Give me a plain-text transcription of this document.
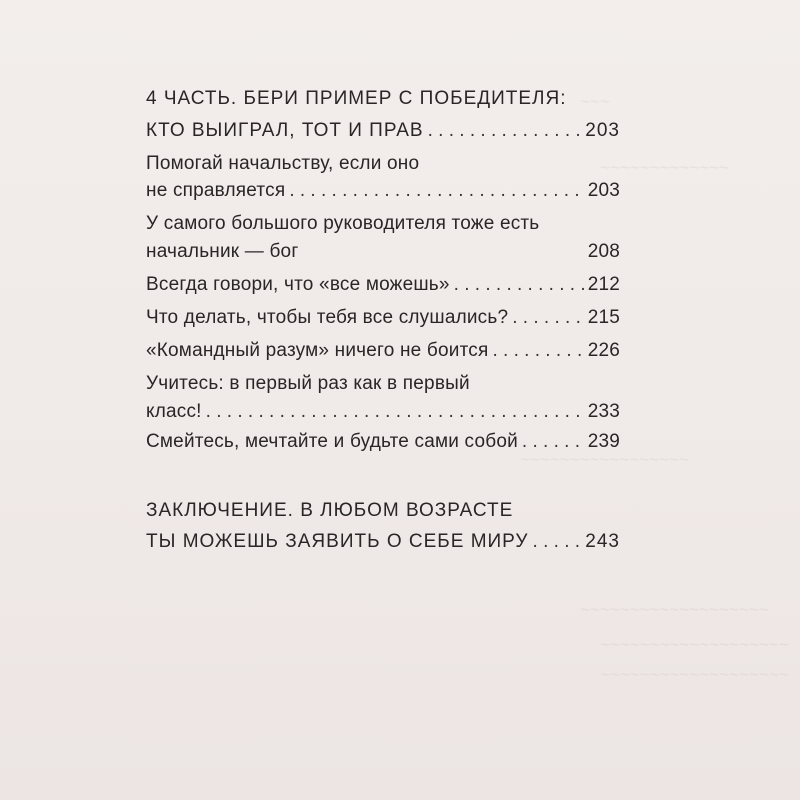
~~~
~~~~~~~~~~~~~
~~~~~~~~~~~~~~~~~
~~~~~~~~~~~~~~~~~~~
~~~~~~~~~~~~~~~~~~~
~~~~~~~~~~~~~~~~~~~
4 ЧАСТЬ. БЕРИ ПРИМЕР С ПОБЕДИТЕЛЯ:
КТО ВЫИГРАЛ, ТОТ И ПРАВ . . .	203
Помогай начальству, если оно
не справляется . . .	203
У самого большого руководителя тоже есть
начальник — бог	208
Всегда говори, что «все можешь» . . .	212
Что делать, чтобы тебя все слушались? . . .	215
«Командный разум» ничего не боится . . .	226
Учитесь: в первый раз как в первый
класс! . . .	233
Смейтесь, мечтайте и будьте сами собой . . .	239
ЗАКЛЮЧЕНИЕ. В ЛЮБОМ ВОЗРАСТЕ
ТЫ МОЖЕШЬ ЗАЯВИТЬ О СЕБЕ МИРУ . . .	243
